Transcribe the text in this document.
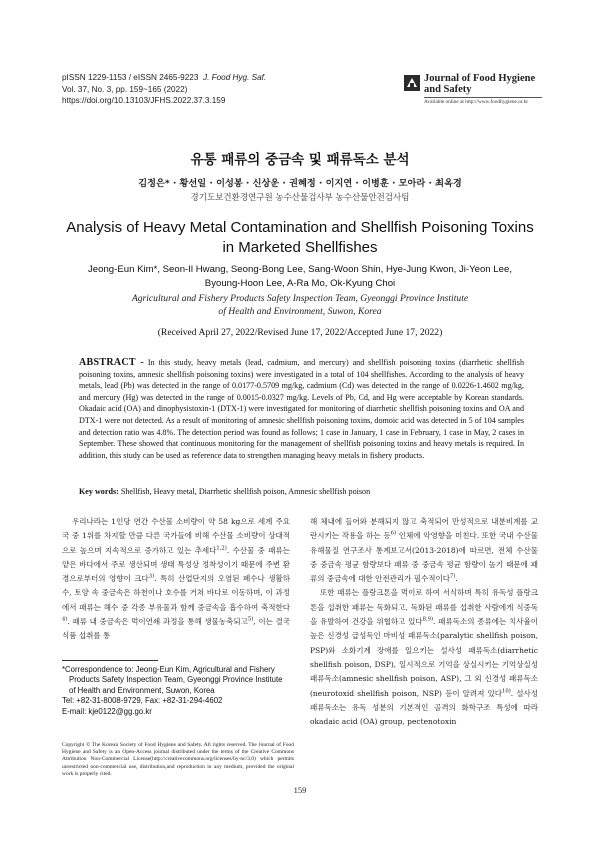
pISSN 1229-1153 / eISSN 2465-9223 J. Food Hyg. Saf.
Vol. 37, No. 3, pp. 159~165 (2022)
https://doi.org/10.13103/JFHS.2022.37.3.159
Journal of Food Hygiene
and Safety
Available online at http://www.foodhygiene.or.kr
유통 패류의 중금속 및 패류독소 분석
김정은* · 황선일 · 이성봉 · 신상운 · 권혜정 · 이지연 · 이병훈 · 모아라 · 최옥경
경기도보건환경연구원 농수산물검사부 농수산물안전검사팀
Analysis of Heavy Metal Contamination and Shellfish Poisoning Toxins
in Marketed Shellfishes
Jeong-Eun Kim*, Seon-Il Hwang, Seong-Bong Lee, Sang-Woon Shin, Hye-Jung Kwon, Ji-Yeon Lee,
Byoung-Hoon Lee, A-Ra Mo, Ok-Kyung Choi
Agricultural and Fishery Products Safety Inspection Team, Gyeonggi Province Institute
of Health and Environment, Suwon, Korea
(Received April 27, 2022/Revised June 17, 2022/Accepted June 17, 2022)
ABSTRACT - In this study, heavy metals (lead, cadmium, and mercury) and shellfish poisoning toxins (diarrhetic shellfish poisoning toxins, amnesic shellfish poisoning toxins) were investigated in a total of 104 shellfishes. According to the analysis of heavy metals, lead (Pb) was detected in the range of 0.0177-0.5709 mg/kg, cadmium (Cd) was detected in the range of 0.0226-1.4602 mg/kg, and mercury (Hg) was detected in the range of 0.0015-0.0327 mg/kg. Levels of Pb, Cd, and Hg were acceptable by Korean standards. Okadaic acid (OA) and dinophysistoxin-1 (DTX-1) were investigated for monitoring of diarrhetic shellfish poisoning toxins and OA and DTX-1 were not detected. As a result of monitoring of amnesic shellfish poisoning toxins, domoic acid was detected in 5 of 104 samples and detection ratio was 4.8%. The detection period was found as follows; 1 case in January, 1 case in February, 1 case in May, 2 cases in September. These showed that continuous monitoring for the management of shellfish poisoning toxins and heavy metals is required. In addition, this study can be used as reference data to strengthen managing heavy metals in fishery products.
Key words: Shellfish, Heavy metal, Diarrhetic shellfish poison, Amnesic shellfish poison

우리나라는 1인당 연간 수산물 소비량이 약 58 kg으로 세계 주요국 중 1위를 차지할 만큼 다른 국가들에 비해 수산물 소비량이 상대적으로 높으며 지속적으로 증가하고 있는 추세다$^{1,2)}$. 수산물 중 패류는 얕은 바다에서 주로 생산되며 생태 특성상 정착성이기 때문에 주변 환경으로부터의 영향이 크다$^{3)}$. 특히 산업단지의 오염된 폐수나 생활하수, 토양 속 중금속은 하천이나 호수를 거쳐 바다로 이동하며, 이 과정에서 패류는 해수 중 각종 부유물과 함께 중금속을 흡수하여 축적한다$^{4)}$. 패류 내 중금속은 먹이연쇄 과정을 통해 생물농축되고$^{5)}$, 이는 결국 식품 섭취를 통

해 체내에 들어와 분해되지 않고 축적되어 만성적으로 내분비계를 교란시키는 작용을 하는 등$^{6)}$ 인체에 악영향을 미친다. 또한 국내 수산물 유해물질 연구조사 통계보고서(2013-2018)에 따르면, 전체 수산물 중 중금속 평균 함량보다 패류 중 중금속 평균 함량이 높기 때문에 패류의 중금속에 대한 안전관리가 필수적이다$^{7)}$.

또한 패류는 플랑크톤을 먹이로 하여 서식하며 특히 유독성 플랑크톤을 섭취한 패류는 독화되고, 독화된 패류를 섭취한 사람에게 식중독을 유발하여 건강을 위협하고 있다$^{8,9)}$. 패류독소의 종류에는 치사율이 높은 신경성 급성독인 마비성 패류독소(paralytic shellfish poison, PSP)와 소화기계 장애를 일으키는 설사성 패류독소(diarrhetic shellfish poison, DSP), 일시적으로 기억을 상실시키는 기억상실성 패류독소(amnesic shellfish poison, ASP), 그 외 신경성 패류독소(neurotoxid shellfish poison, NSP) 등이 알려져 있다$^{10)}$. 설사성 패류독소는 유독 성분의 기본적인 골격의 화학구조 특성에 따라 okadaic acid (OA) group, pectenotoxin

*Correspondence to: Jeong-Eun Kim, Agricultural and Fishery
Products Safety Inspection Team, Gyeonggi Province Institute
of Health and Environment, Suwon, Korea
Tel: +82-31-8008-9729, Fax: +82-31-294-4602
E-mail: kje0122@gg.go.kr
Copyright © The Korean Society of Food Hygiene and Safety. All rights reserved. The Journal of Food Hygiene and Safety is an Open-Access journal distributed under the terms of the Creative Commons Attribution Non-Commercial License(http://creativecommons.org/licenses/by-nc/3.0) which permits unrestricted non-commercial use, distribution,and reproduction in any medium, provided the original work is properly cited.
159
